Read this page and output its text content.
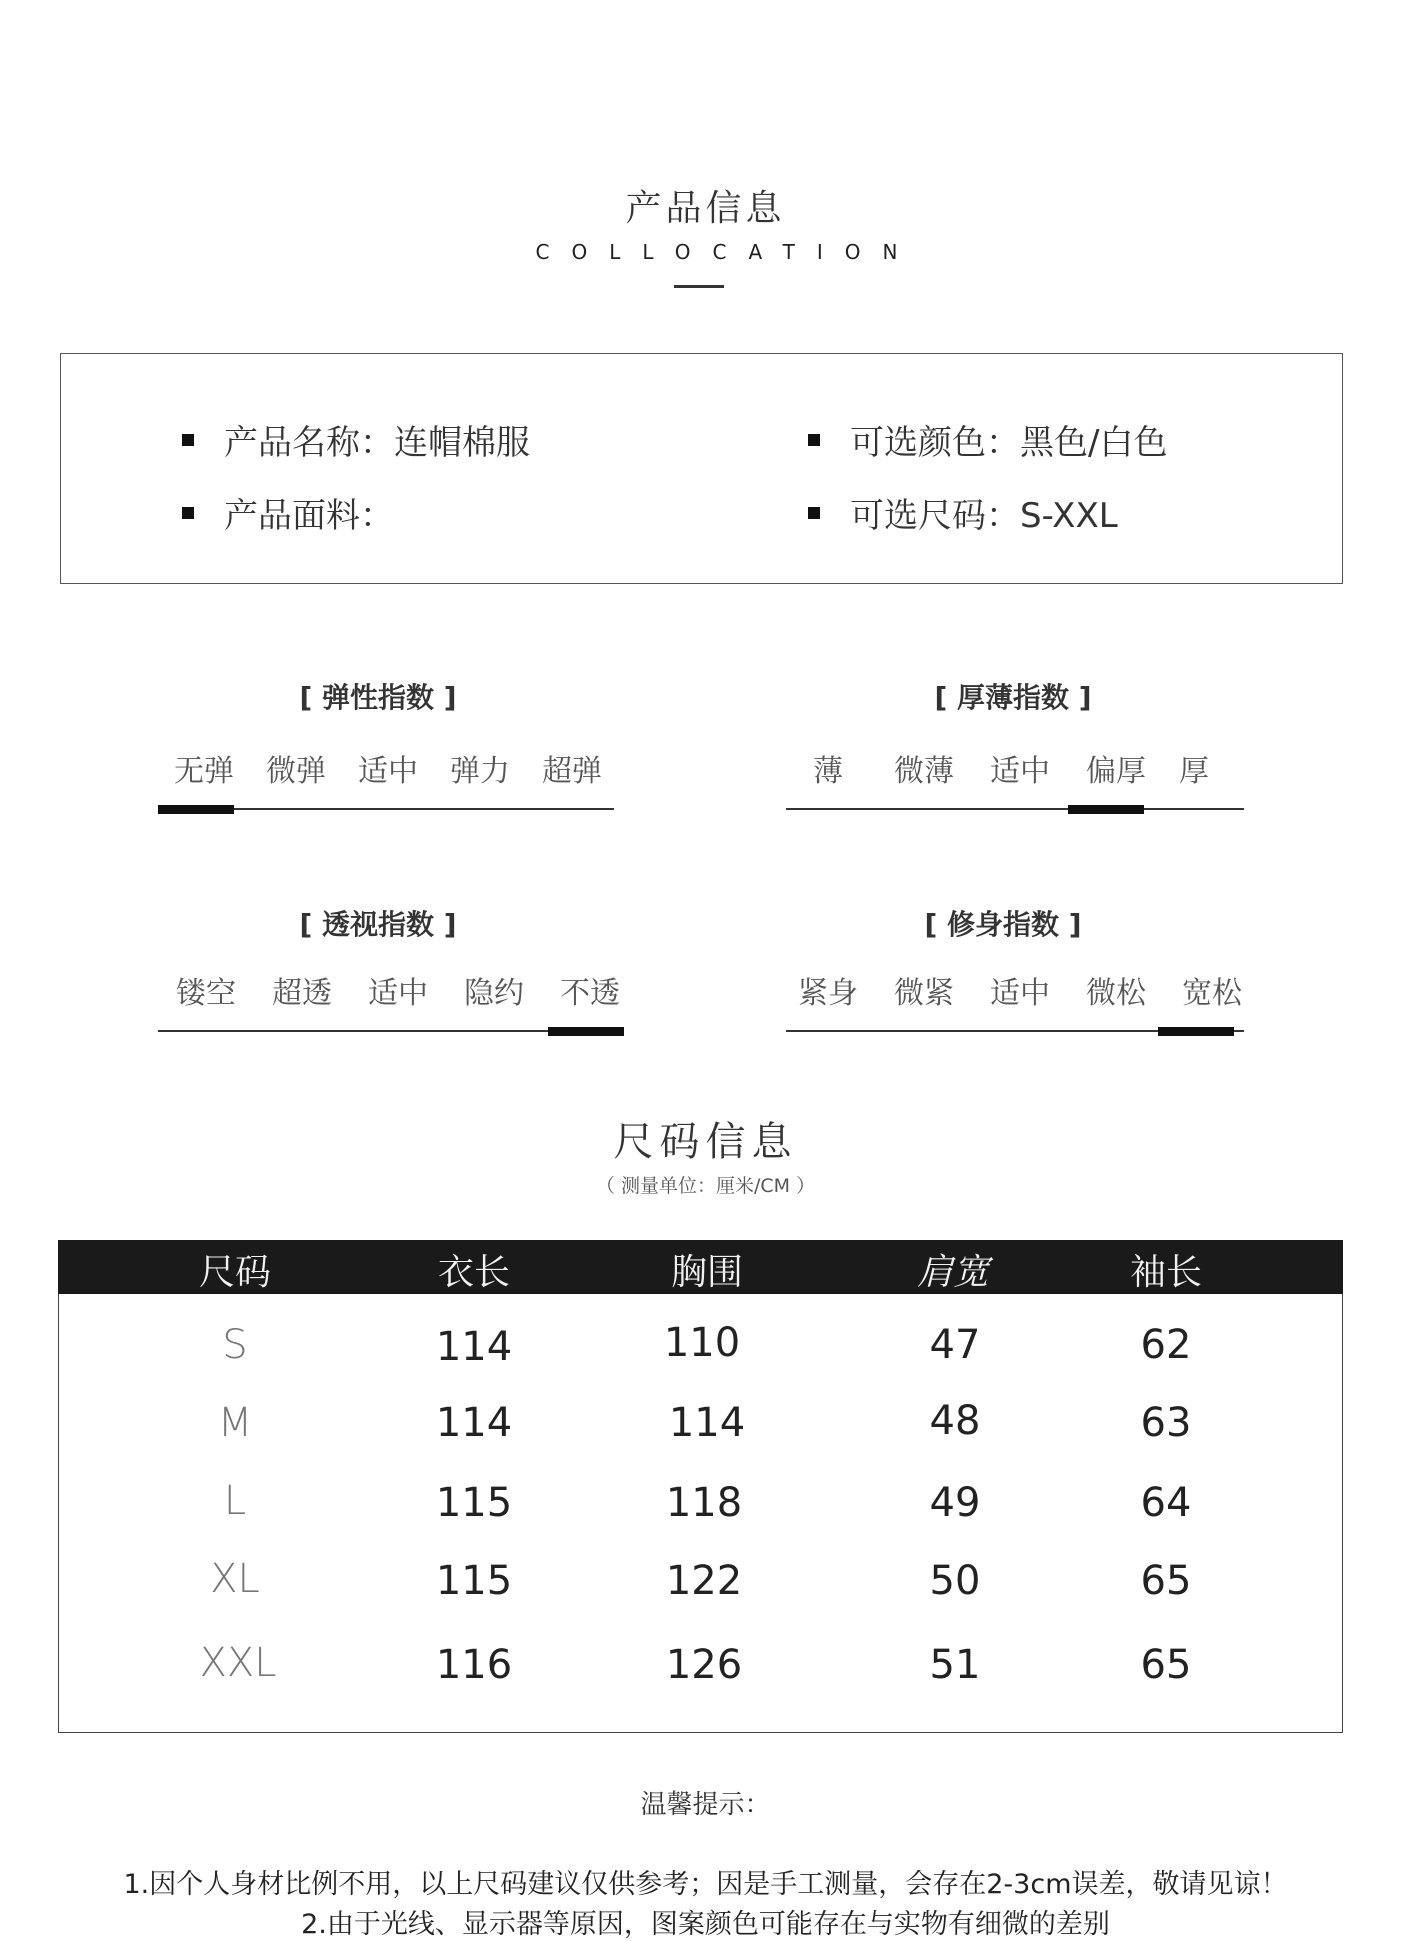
产品信息
COLLOCATION
产品名称：连帽棉服	可选颜色：黑色/白色
产品面料：	可选尺码：S-XXL
[ 弹性指数 ]
无弹	微弹	适中	弹力	超弹
[ 厚薄指数 ]
薄	微薄	适中	偏厚	厚
[ 透视指数 ]
镂空	超透	适中	隐约	不透
[ 修身指数 ]
紧身	微紧	适中	微松	宽松
尺码信息
（ 测量单位：厘米/CM ）
尺码	衣长	胸围	肩宽	袖长
S	114	110	47	62
M	114	114	48	63
L	115	118	49	64
XL	115	122	50	65
XXL	116	126	51	65
温馨提示：
1.因个人身材比例不用，以上尺码建议仅供参考；因是手工测量，会存在2-3cm误差，敬请见谅！
2.由于光线、显示器等原因，图案颜色可能存在与实物有细微的差别
